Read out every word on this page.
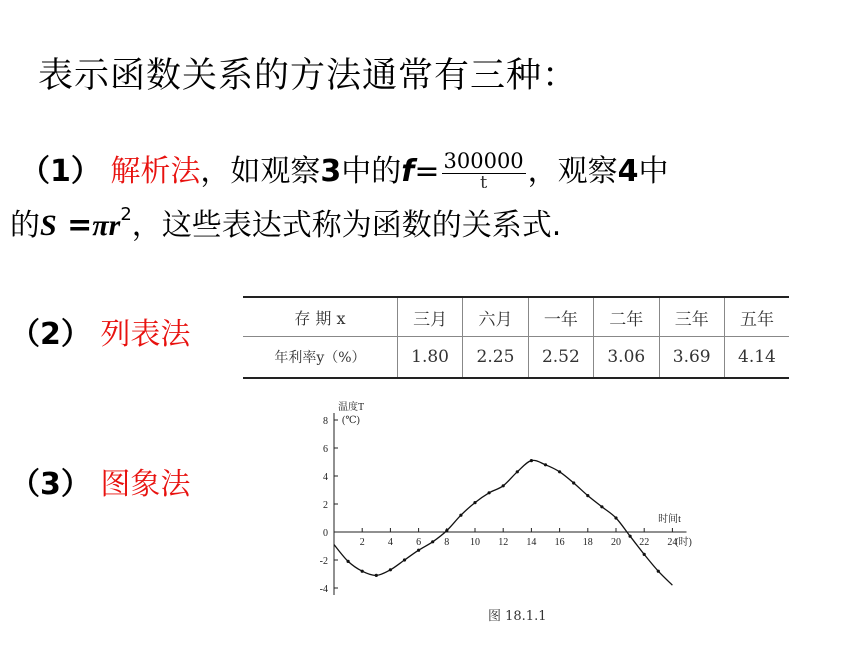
表示函数关系的方法通常有三种：
（1） 解析法，如观察3中的$f= \frac{300000}{t}$ ，观察4中
的$S =\pi r^2$，这些表达式称为函数的关系式.
（2） 列表法	存 期 x	三月	六月	一年	二年	三年	五年
年利率y（%）	1.80	2.25	2.52	3.06	3.69	4.14
（3） 图象法
-4
-2
0
2
4
6
8
2 4 6 8 10 12 14 16 18 20 22 24
温度T
(℃)
时间t
(时)
图 18.1.1
